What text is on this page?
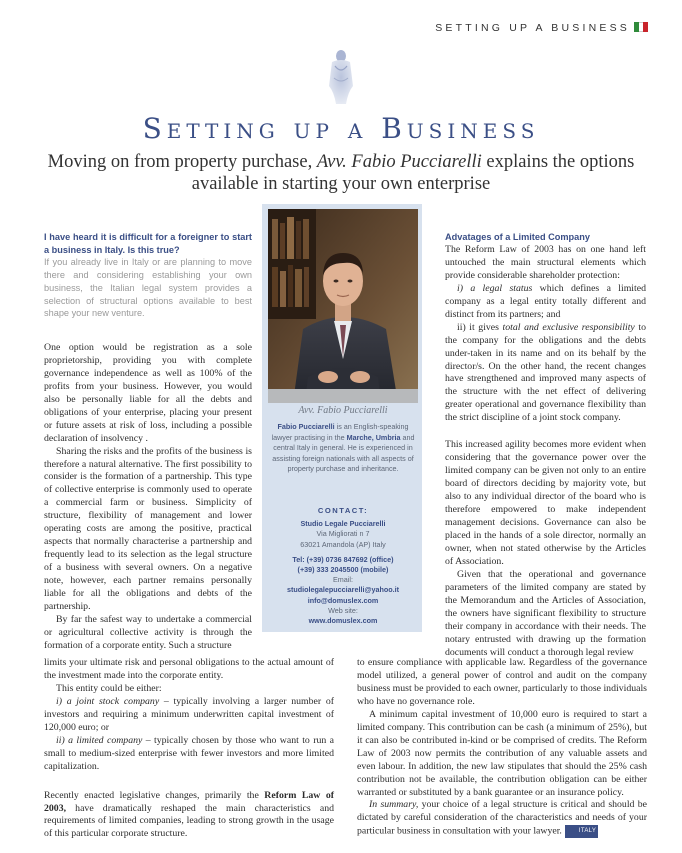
SETTING UP A BUSINESS
Setting up a Business
Moving on from property purchase, Avv. Fabio Pucciarelli explains the options available in starting your own enterprise

I have heard it is difficult for a foreigner to start a business in Italy. Is this true?

If you already live in Italy or are planning to move there and considering establishing your own business, the Italian legal system provides a selection of structural options available to best shape your new venture.

One option would be registration as a sole proprietorship, providing you with complete governance independence as well as 100% of the profits from your business. However, you would also be personally liable for all the debts and obligations of your enterprise, placing your present or future assets at risk of loss, including a possible declaration of insolvency .

Sharing the risks and the profits of the business is therefore a natural alternative. The first possibility to consider is the formation of a partnership. This type of collective enterprise is commonly used to operate a commercial farm or business. Simplicity of structure, flexibility of management and lower operating costs are among the positive, practical aspects that normally characterise a partnership and frequently lead to its selection as the legal structure of a business with several owners. On a negative note, however, each partner remains personally liable for all the obligations and debts of the partnership.

By far the safest way to undertake a commercial or agricultural collective activity is through the formation of a corporate entity. Such a structure

limits your ultimate risk and personal obligations to the actual amount of the investment made into the corporate entity.

This entity could be either:

i) a joint stock company – typically involving a larger number of investors and requiring a minimum underwritten capital investment of 120,000 euro; or

ii) a limited company – typically chosen by those who want to run a small to medium-sized enterprise with fewer investors and more limited capitalization.

Recently enacted legislative changes, primarily the Reform Law of 2003, have dramatically reshaped the main characteristics and requirements of limited companies, leading to strong growth in the usage of this particular corporate structure.

Avv. Fabio Pucciarelli
Fabio Pucciarelli is an English-speaking lawyer practising in the Marche, Umbria and central Italy in general. He is experienced in assisting foreign nationals with all aspects of property purchase and inheritance.
CONTACT:
Studio Legale Pucciarelli
Via Migliorati n 7
63021 Amandola (AP) Italy
Tel: (+39) 0736 847692 (office)
(+39) 333 2045500 (mobile)
Email:
studiolegalepucciarelli@yahoo.it
info@domuslex.com
Web site:
www.domuslex.com

Advatages of a Limited Company

The Reform Law of 2003 has on one hand left untouched the main structural elements which provide considerable shareholder protection:

i) a legal status which defines a limited company as a legal entity totally different and distinct from its partners; and

ii) it gives total and exclusive responsibility to the company for the obligations and the debts under-taken in its name and on its behalf by the director/s. On the other hand, the recent changes have strengthened and improved many aspects of the structure with the net effect of delivering greater operational and governance flexibility than the strict discipline of a joint stock company.

This increased agility becomes more evident when considering that the governance power over the limited company can be given not only to an entire board of directors deciding by majority vote, but also to any individual director of the board who is therefore empowered to make independent management decisions. Governance can also be placed in the hands of a sole director, normally an owner, when not stated otherwise by the Articles of Association.

Given that the operational and governance parameters of the limited company are stated by the Memorandum and the Articles of Association, the owners have significant flexibility to structure their company in accordance with their needs. The notary entrusted with drawing up the formation documents will conduct a thorough legal review

to ensure compliance with applicable law. Regardless of the governance model utilized, a general power of control and audit on the company business must be provided to each owner, particularly to those individuals who have no governance role.

A minimum capital investment of 10,000 euro is required to start a limited company. This contribution can be cash (a minimum of 25%), but it can also be contributed in-kind or be comprised of credits. The Reform Law of 2003 now permits the contribution of any valuable assets and even labour. In addition, the new law stipulates that should the 25% cash contribution not be available, the contribution obligation can be either warranted or substituted by a bank guarantee or an insurance policy.

In summary, your choice of a legal structure is critical and should be dictated by careful consideration of the characteristics and needs of your particular business in consultation with your lawyer.	ITALY
